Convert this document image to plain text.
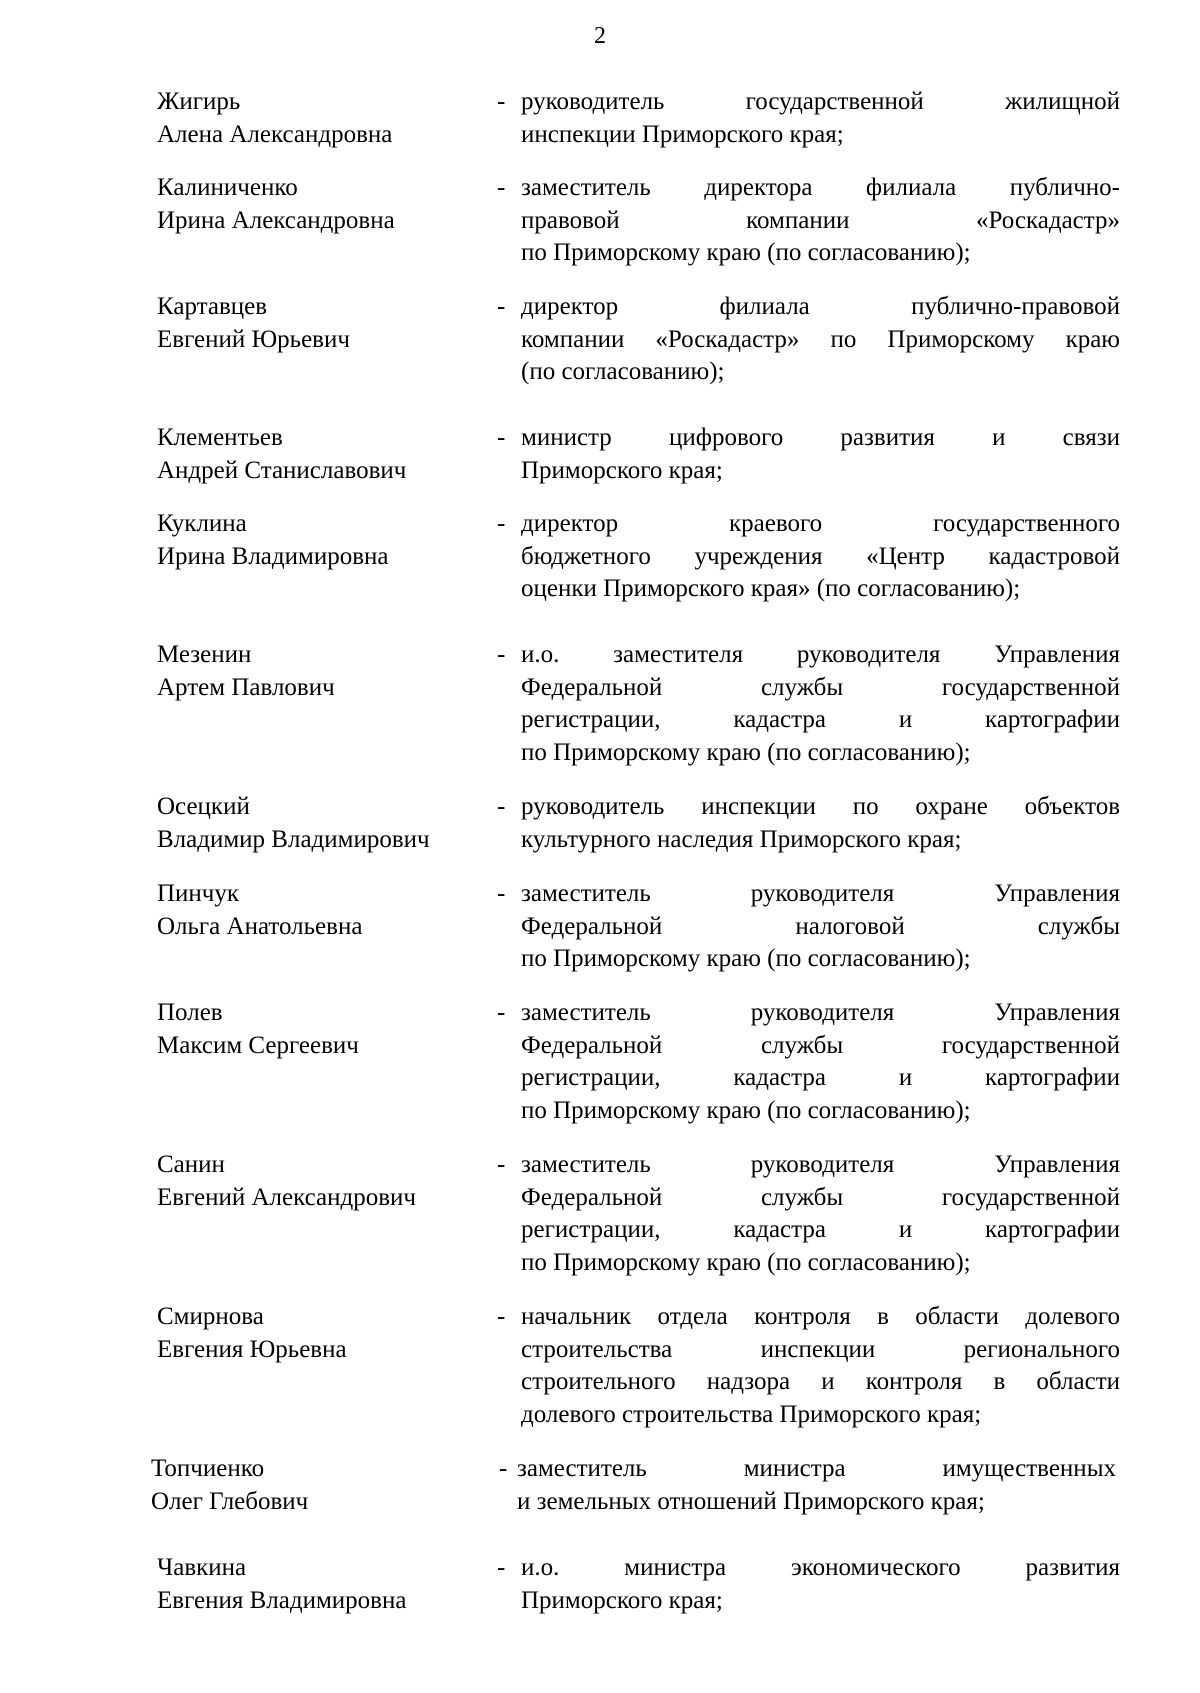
2
Жигирь
Алена Александровна
- руководитель государственной жилищной
инспекции Приморского края;
Калиниченко
Ирина Александровна
- заместитель директора филиала публично-
правовой компании «Роскадастр»
по Приморскому краю (по согласованию);
Картавцев
Евгений Юрьевич
- директор филиала публично-правовой
компании «Роскадастр» по Приморскому краю
(по согласованию);
Клементьев
Андрей Станиславович
- министр цифрового развития и связи
Приморского края;
Куклина
Ирина Владимировна
- директор краевого государственного
бюджетного учреждения «Центр кадастровой
оценки Приморского края» (по согласованию);
Мезенин
Артем Павлович
- и.о. заместителя руководителя Управления
Федеральной службы государственной
регистрации, кадастра и картографии
по Приморскому краю (по согласованию);
Осецкий
Владимир Владимирович
- руководитель инспекции по охране объектов
культурного наследия Приморского края;
Пинчук
Ольга Анатольевна
- заместитель руководителя Управления
Федеральной налоговой службы
по Приморскому краю (по согласованию);
Полев
Максим Сергеевич
- заместитель руководителя Управления
Федеральной службы государственной
регистрации, кадастра и картографии
по Приморскому краю (по согласованию);
Санин
Евгений Александрович
- заместитель руководителя Управления
Федеральной службы государственной
регистрации, кадастра и картографии
по Приморскому краю (по согласованию);
Смирнова
Евгения Юрьевна
- начальник отдела контроля в области долевого
строительства инспекции регионального
строительного надзора и контроля в области
долевого строительства Приморского края;
Топчиенко
Олег Глебович
- заместитель министра имущественных
и земельных отношений Приморского края;
Чавкина
Евгения Владимировна
- и.о. министра экономического развития
Приморского края;
